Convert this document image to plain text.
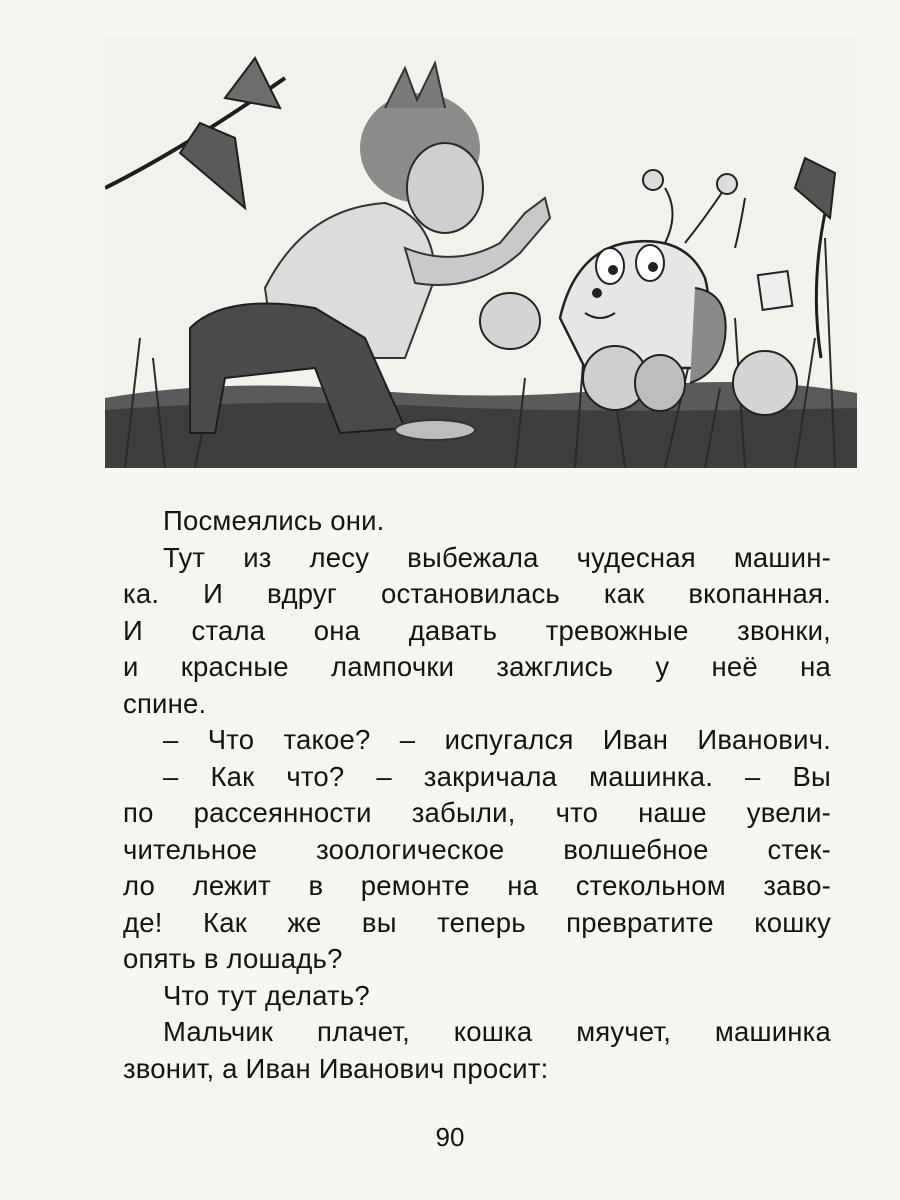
Посмеялись они.
Тут из лесу выбежала чудесная машин-
ка. И вдруг остановилась как вкопанная.
И стала она давать тревожные звонки,
и красные лампочки зажглись у неё на
спине.
– Что такое? – испугался Иван Иванович.
– Как что? – закричала машинка. – Вы
по рассеянности забыли, что наше увели-
чительное зоологическое волшебное стек-
ло лежит в ремонте на стекольном заво-
де! Как же вы теперь превратите кошку
опять в лошадь?
Что тут делать?
Мальчик плачет, кошка мяучет, машинка
звонит, а Иван Иванович просит:
90
